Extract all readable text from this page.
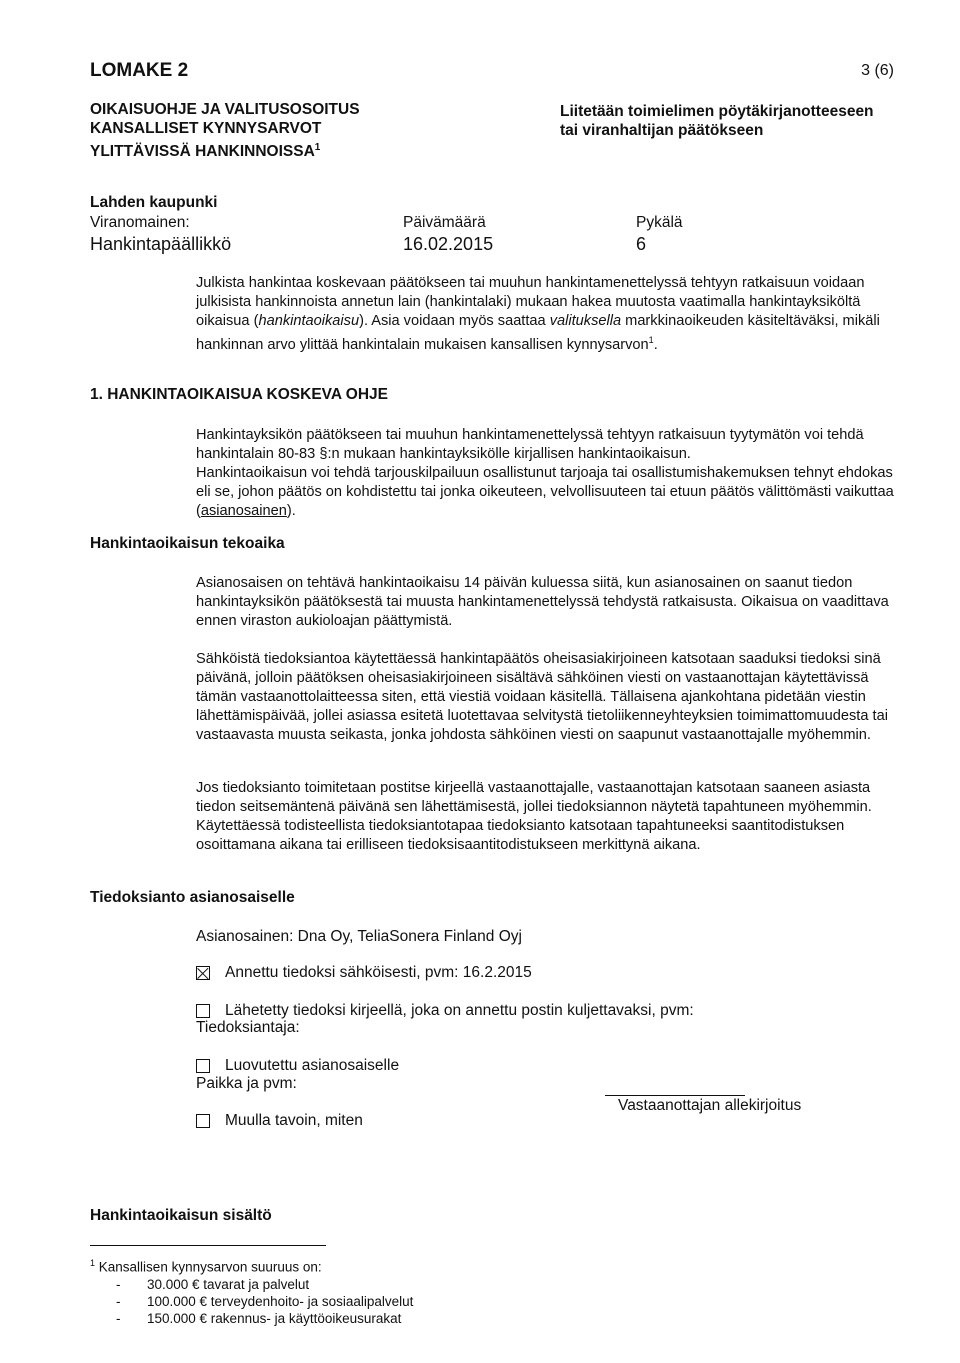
LOMAKE 2	3 (6)
OIKAISUOHJE JA VALITUSOSOITUS
KANSALLISET KYNNYSARVOT
YLITTÄVISSÄ HANKINNOISSA$^1$
Liitetään toimielimen pöytäkirjanotteeseen
tai viranhaltijan päätökseen
Lahden kaupunki
Viranomainen:
Hankintapäällikkö
Päivämäärä
16.02.2015
Pykälä
6
Julkista hankintaa koskevaan päätökseen tai muuhun hankintamenettelyssä tehtyyn ratkaisuun voidaan julkisista hankinnoista annetun lain (hankintalaki) mukaan hakea muutosta vaatimalla hankintayksiköltä oikaisua (hankintaoikaisu). Asia voidaan myös saattaa valituksella markkinaoikeuden käsiteltäväksi, mikäli hankinnan arvo ylittää hankintalain mukaisen kansallisen kynnysarvon$^1$.
1. HANKINTAOIKAISUA KOSKEVA OHJE
Hankintayksikön päätökseen tai muuhun hankintamenettelyssä tehtyyn ratkaisuun tyytymätön voi tehdä hankintalain 80-83 §:n mukaan hankintayksikölle kirjallisen hankintaoikaisun.
Hankintaoikaisun voi tehdä tarjouskilpailuun osallistunut tarjoaja tai osallistumishakemuksen tehnyt ehdokas eli se, johon päätös on kohdistettu tai jonka oikeuteen, velvollisuuteen tai etuun päätös välittömästi vaikuttaa (asianosainen).
Hankintaoikaisun tekoaika
Asianosaisen on tehtävä hankintaoikaisu 14 päivän kuluessa siitä, kun asianosainen on saanut tiedon hankintayksikön päätöksestä tai muusta hankintamenettelyssä tehdystä ratkaisusta. Oikaisua on vaadittava ennen viraston aukioloajan päättymistä.
Sähköistä tiedoksiantoa käytettäessä hankintapäätös oheisasiakirjoineen katsotaan saaduksi tiedoksi sinä päivänä, jolloin päätöksen oheisasiakirjoineen sisältävä sähköinen viesti on vastaanottajan käytettävissä tämän vastaanottolaitteessa siten, että viestiä voidaan käsitellä. Tällaisena ajankohtana pidetään viestin lähettämispäivää, jollei asiassa esitetä luotettavaa selvitystä tietoliikenneyhteyksien toimimattomuudesta tai vastaavasta muusta seikasta, jonka johdosta sähköinen viesti on saapunut vastaanottajalle myöhemmin.
Jos tiedoksianto toimitetaan postitse kirjeellä vastaanottajalle, vastaanottajan katsotaan saaneen asiasta tiedon seitsemäntenä päivänä sen lähettämisestä, jollei tiedoksiannon näytetä tapahtuneen myöhemmin. Käytettäessä todisteellista tiedoksiantotapaa tiedoksianto katsotaan tapahtuneeksi saantitodistuksen osoittamana aikana tai erilliseen tiedoksisaantitodistukseen merkittynä aikana.
Tiedoksianto asianosaiselle
Asianosainen: Dna Oy, TeliaSonera Finland Oyj
Annettu tiedoksi sähköisesti, pvm: 16.2.2015
Lähetetty tiedoksi kirjeellä, joka on annettu postin kuljettavaksi, pvm:
Tiedoksiantaja:
Luovutettu asianosaiselle
Paikka ja pvm:
Vastaanottajan allekirjoitus
Muulla tavoin, miten
Hankintaoikaisun sisältö
$^1$ Kansallisen kynnysarvon suuruus on:
- 30.000 € tavarat ja palvelut
- 100.000 € terveydenhoito- ja sosiaalipalvelut
- 150.000 € rakennus- ja käyttöoikeusurakat
